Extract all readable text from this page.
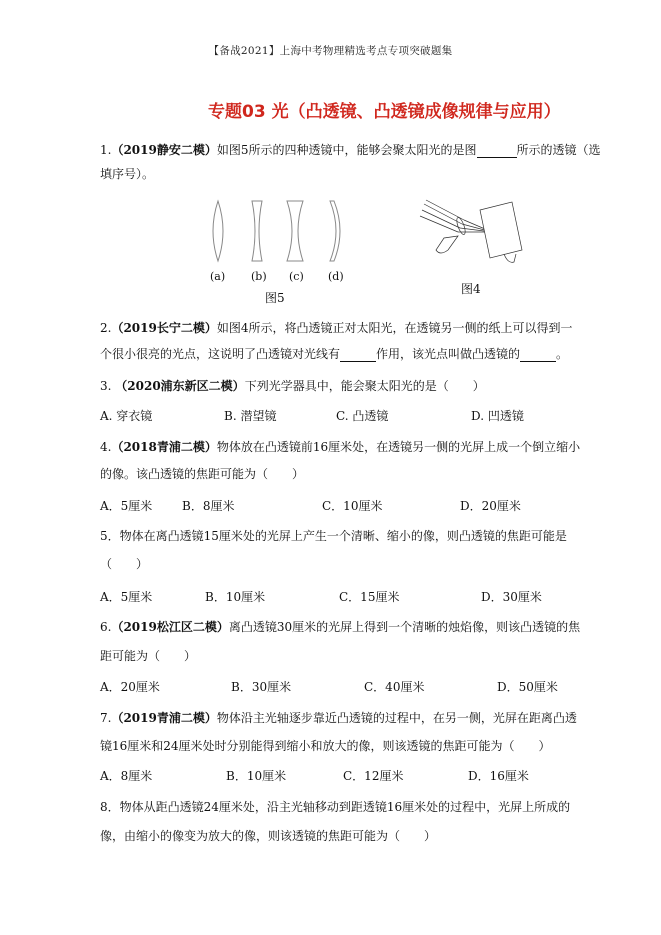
【备战2021】上海中考物理精选考点专项突破题集
专题03 光（凸透镜、凸透镜成像规律与应用）
1.（2019静安二模）如图5所示的四种透镜中，能够会聚太阳光的是图	所示的透镜（选
填序号）。
(a) (b) (c) (d)
图5
图4
2.（2019长宁二模）如图4所示，将凸透镜正对太阳光，在透镜另一侧的纸上可以得到一
个很小很亮的光点，这说明了凸透镜对光线有	作用，该光点叫做凸透镜的	。
3. （2020浦东新区二模）下列光学器具中，能会聚太阳光的是（　　）
A. 穿衣镜	B. 潜望镜	C. 凸透镜	D. 凹透镜
4.（2018青浦二模）物体放在凸透镜前16厘米处，在透镜另一侧的光屏上成一个倒立缩小
的像。该凸透镜的焦距可能为（　　）
A．5厘米 B．8厘米	C．10厘米	D．20厘米
5．物体在离凸透镜15厘米处的光屏上产生一个清晰、缩小的像，则凸透镜的焦距可能是
（　　）
A．5厘米	B．10厘米	C．15厘米	D．30厘米
6.（2019松江区二模）离凸透镜30厘米的光屏上得到一个清晰的烛焰像，则该凸透镜的焦
距可能为（　　）
A．20厘米	B．30厘米	C．40厘米	D．50厘米
7.（2019青浦二模）物体沿主光轴逐步靠近凸透镜的过程中，在另一侧，光屏在距离凸透
镜16厘米和24厘米处时分别能得到缩小和放大的像，则该透镜的焦距可能为（　　）
A．8厘米	B．10厘米	C．12厘米	D．16厘米
8．物体从距凸透镜24厘米处，沿主光轴移动到距透镜16厘米处的过程中，光屏上所成的
像，由缩小的像变为放大的像，则该透镜的焦距可能为（　　）
